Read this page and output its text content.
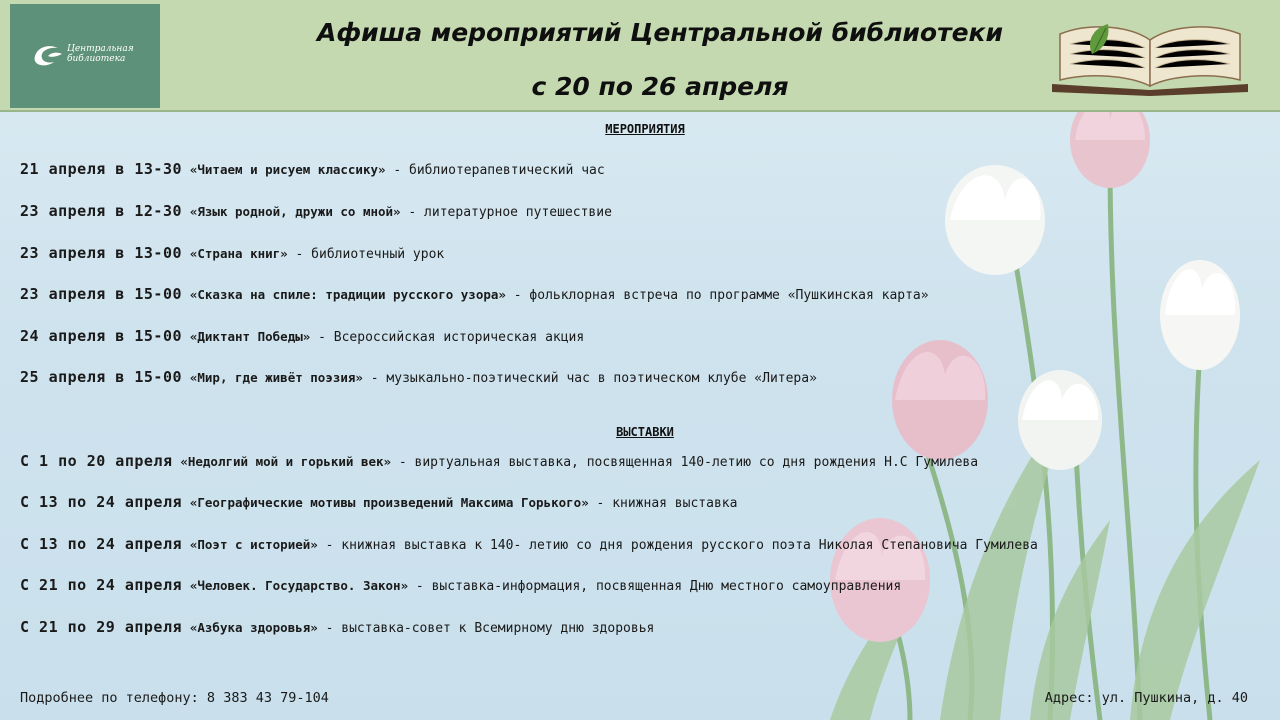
Центральная
библиотека
Афиша мероприятий Центральной библиотеки
с 20 по 26 апреля
МЕРОПРИЯТИЯ
21 апреля в 13-30 «Читаем и рисуем классику» - библиотерапевтический час
23 апреля в 12-30 «Язык родной, дружи со мной» - литературное путешествие
23 апреля в 13-00 «Страна книг» - библиотечный урок
23 апреля в 15-00 «Сказка на спиле: традиции русского узора» - фольклорная встреча по программе «Пушкинская карта»
24 апреля в 15-00 «Диктант Победы» - Всероссийская историческая акция
25 апреля в 15-00 «Мир, где живёт поэзия» - музыкально-поэтический час в поэтическом клубе «Литера»
ВЫСТАВКИ
С 1 по 20 апреля «Недолгий мой и горький век» - виртуальная выставка, посвященная 140-летию со дня рождения Н.С Гумилева
С 13 по 24 апреля «Географические мотивы произведений Максима Горького» - книжная выставка
С 13 по 24 апреля «Поэт с историей» - книжная выставка к 140- летию со дня рождения русского поэта Николая Степановича Гумилева
С 21 по 24 апреля «Человек. Государство. Закон» - выставка-информация, посвященная Дню местного самоуправления
С 21 по 29 апреля «Азбука здоровья» - выставка-совет к Всемирному дню здоровья
Подробнее по телефону: 8 383 43 79-104	Адрес: ул. Пушкина, д. 40
